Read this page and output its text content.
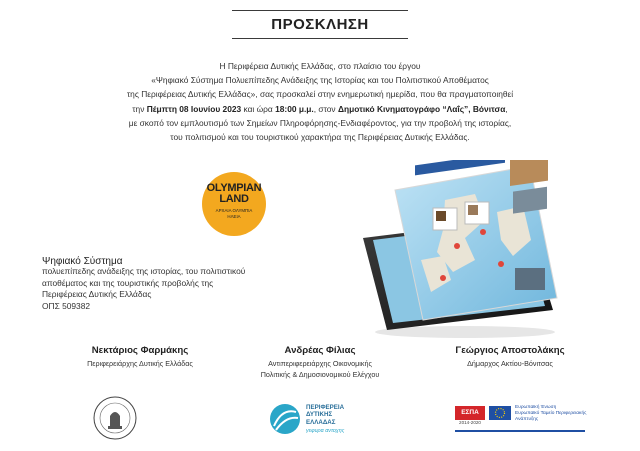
ΠΡΟΣΚΛΗΣΗ
Η Περιφέρεια Δυτικής Ελλάδας, στο πλαίσιο του έργου
«Ψηφιακό Σύστημα Πολυεπίπεδης Ανάδειξης της Ιστορίας και του Πολιτιστικού Αποθέματος
της Περιφέρειας Δυτικής Ελλάδας», σας προσκαλεί στην ενημερωτική ημερίδα, που θα πραγματοποιηθεί
την Πέμπτη 08 Ιουνίου 2023 και ώρα 18:00 μ.μ., στον Δημοτικό Κινηματογράφο “Λαΐς”, Βόνιτσα,
με σκοπό τον εμπλουτισμό των Σημείων Πληροφόρησης-Ενδιαφέροντος, για την προβολή της ιστορίας,
του πολιτισμού και του τουριστικού χαρακτήρα της Περιφέρειας Δυτικής Ελλάδας.
OLYMPIAN
LAND
ΑΡΧΑΙΑ ΟΛΥΜΠΙΑ
ΗΛΕΙΑ
Ψηφιακό Σύστημα
πολυεπίπεδης ανάδειξης της ιστορίας, του πολιτιστικού
αποθέματος και της τουριστικής προβολής της
Περιφέρειας Δυτικής Ελλάδας
ΟΠΣ 509382
Νεκτάριος Φαρμάκης
Περιφερειάρχης Δυτικής Ελλάδας
Ανδρέας Φίλιας
Αντιπεριφερειάρχης Οικονομικής
Πολιτικής & Δημοσιονομικού Ελέγχου
Γεώργιος Αποστολάκης
Δήμαρχος Ακτίου-Βόνιτσας
ΠΕΡΙΦΕΡΕΙΑ
ΔΥΤΙΚΗΣ
ΕΛΛΑΔΑΣ
γεφυρα αντοχης
ΕΣΠΑ
2014-2020
Ευρωπαϊκή Ένωση
Ευρωπαϊκό Ταμείο Περιφερειακής Ανάπτυξης
